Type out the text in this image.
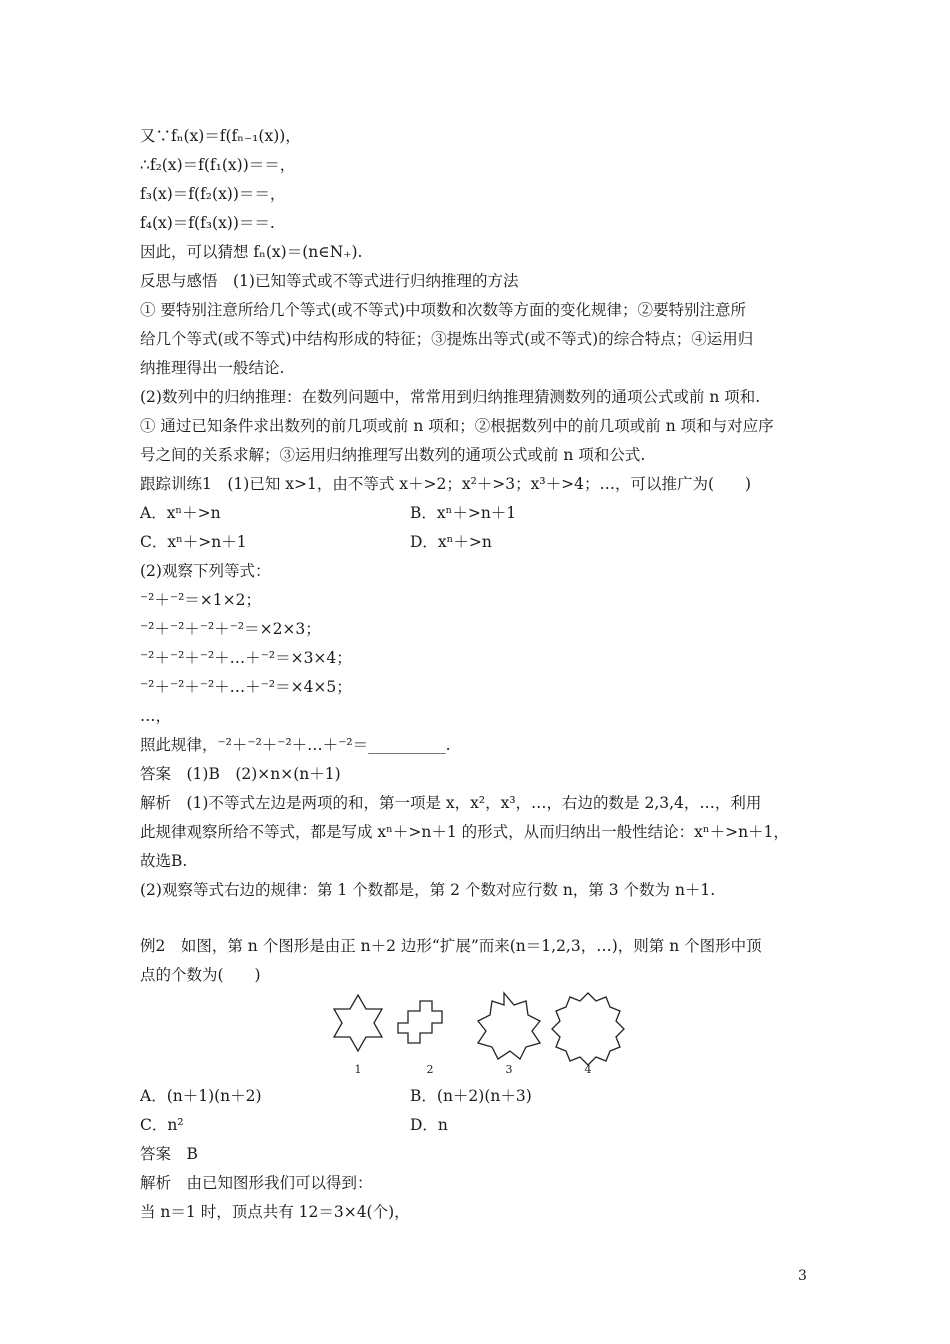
又∵fₙ(x)＝f(fₙ₋₁(x))，
∴f₂(x)＝f(f₁(x))＝＝，
f₃(x)＝f(f₂(x))＝＝，
f₄(x)＝f(f₃(x))＝＝.
因此，可以猜想 fₙ(x)＝(n∈N₊).
反思与感悟　(1)已知等式或不等式进行归纳推理的方法
① 要特别注意所给几个等式(或不等式)中项数和次数等方面的变化规律；②要特别注意所
给几个等式(或不等式)中结构形成的特征；③提炼出等式(或不等式)的综合特点；④运用归
纳推理得出一般结论.
(2)数列中的归纳推理：在数列问题中，常常用到归纳推理猜测数列的通项公式或前 n 项和.
① 通过已知条件求出数列的前几项或前 n 项和；②根据数列中的前几项或前 n 项和与对应序
号之间的关系求解；③运用归纳推理写出数列的通项公式或前 n 项和公式.
跟踪训练1　(1)已知 x>1，由不等式 x＋>2；x²＋>3；x³＋>4；…，可以推广为(　　)
A．xⁿ＋>n	B．xⁿ＋>n＋1
C．xⁿ＋>n＋1	D．xⁿ＋>n
(2)观察下列等式：
⁻²＋⁻²＝×1×2；
⁻²＋⁻²＋⁻²＋⁻²＝×2×3；
⁻²＋⁻²＋⁻²＋…＋⁻²＝×3×4；
⁻²＋⁻²＋⁻²＋…＋⁻²＝×4×5；
…，
照此规律，⁻²＋⁻²＋⁻²＋…＋⁻²＝__________.
答案　(1)B　(2)×n×(n＋1)
解析　(1)不等式左边是两项的和，第一项是 x，x²，x³，…，右边的数是 2,3,4，…，利用
此规律观察所给不等式，都是写成 xⁿ＋>n＋1 的形式，从而归纳出一般性结论：xⁿ＋>n＋1，
故选B.
(2)观察等式右边的规律：第 1 个数都是，第 2 个数对应行数 n，第 3 个数为 n＋1.
例2　如图，第 n 个图形是由正 n＋2 边形“扩展”而来(n＝1,2,3，…)，则第 n 个图形中顶
点的个数为(　　)
1	2	3	4
A．(n＋1)(n＋2)	B．(n＋2)(n＋3)
C．n²	D．n
答案　B
解析　由已知图形我们可以得到：
当 n＝1 时，顶点共有 12＝3×4(个)，
3
